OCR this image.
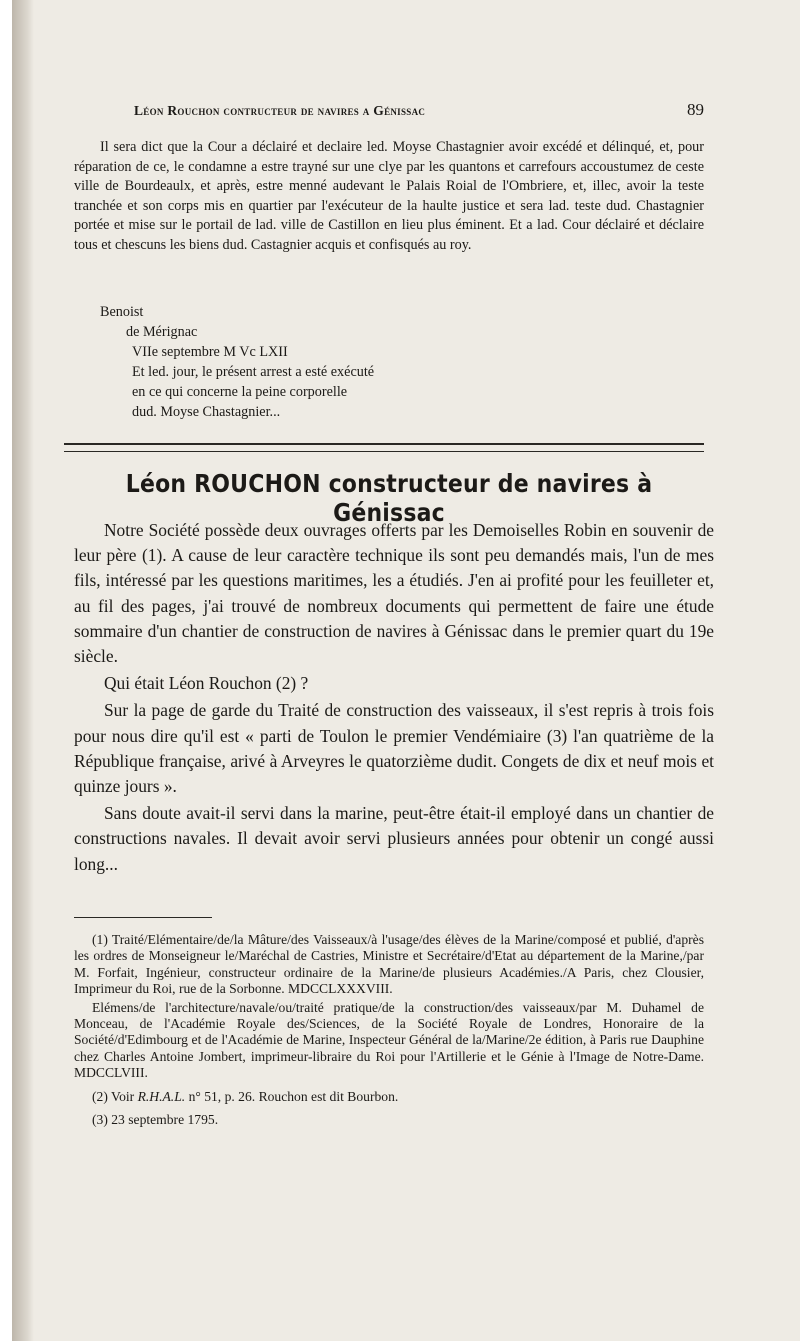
Léon Rouchon contructeur de navires a Génissac	89

Il sera dict que la Cour a déclairé et declaire led. Moyse Chastagnier avoir excédé et délinqué, et, pour réparation de ce, le condamne a estre trayné sur une clye par les quantons et carrefours accoustumez de ceste ville de Bourdeaulx, et après, estre menné audevant le Palais Roial de l'Ombriere, et, illec, avoir la teste tranchée et son corps mis en quartier par l'exécuteur de la haulte justice et sera lad. teste dud. Chastagnier portée et mise sur le portail de lad. ville de Castillon en lieu plus éminent. Et a lad. Cour déclairé et déclaire tous et chescuns les biens dud. Castagnier acquis et confisqués au roy.

Benoist
de Mérignac
VIIe septembre M Vc LXII
Et led. jour, le présent arrest a esté exécuté
en ce qui concerne la peine corporelle
dud. Moyse Chastagnier...
Léon ROUCHON constructeur de navires à Génissac

Notre Société possède deux ouvrages offerts par les Demoiselles Robin en souvenir de leur père (1). A cause de leur caractère technique ils sont peu demandés mais, l'un de mes fils, intéressé par les questions maritimes, les a étudiés. J'en ai profité pour les feuilleter et, au fil des pages, j'ai trouvé de nombreux documents qui permettent de faire une étude sommaire d'un chantier de construction de navires à Génissac dans le premier quart du 19e siècle.

Qui était Léon Rouchon (2) ?

Sur la page de garde du Traité de construction des vaisseaux, il s'est repris à trois fois pour nous dire qu'il est « parti de Toulon le premier Vendémiaire (3) l'an quatrième de la République française, arivé à Arveyres le quatorzième dudit. Congets de dix et neuf mois et quinze jours ».

Sans doute avait-il servi dans la marine, peut-être était-il employé dans un chantier de constructions navales. Il devait avoir servi plusieurs années pour obtenir un congé aussi long...

(1) Traité/Elémentaire/de/la Mâture/des Vaisseaux/à l'usage/des élèves de la Marine/composé et publié, d'après les ordres de Monseigneur le/Maréchal de Castries, Ministre et Secrétaire/d'Etat au département de la Marine,/par M. Forfait, Ingénieur, constructeur ordinaire de la Marine/de plusieurs Académies./A Paris, chez Clousier, Imprimeur du Roi, rue de la Sorbonne. MDCCLXXXVIII.

Elémens/de l'architecture/navale/ou/traité pratique/de la construction/des vaisseaux/par M. Duhamel de Monceau, de l'Académie Royale des/Sciences, de la Société Royale de Londres, Honoraire de la Société/d'Edimbourg et de l'Académie de Marine, Inspecteur Général de la/Marine/2e édition, à Paris rue Dauphine chez Charles Antoine Jombert, imprimeur-libraire du Roi pour l'Artillerie et le Génie à l'Image de Notre-Dame. MDCCLVIII.

(2) Voir R.H.A.L. n° 51, p. 26. Rouchon est dit Bourbon.

(3) 23 septembre 1795.
